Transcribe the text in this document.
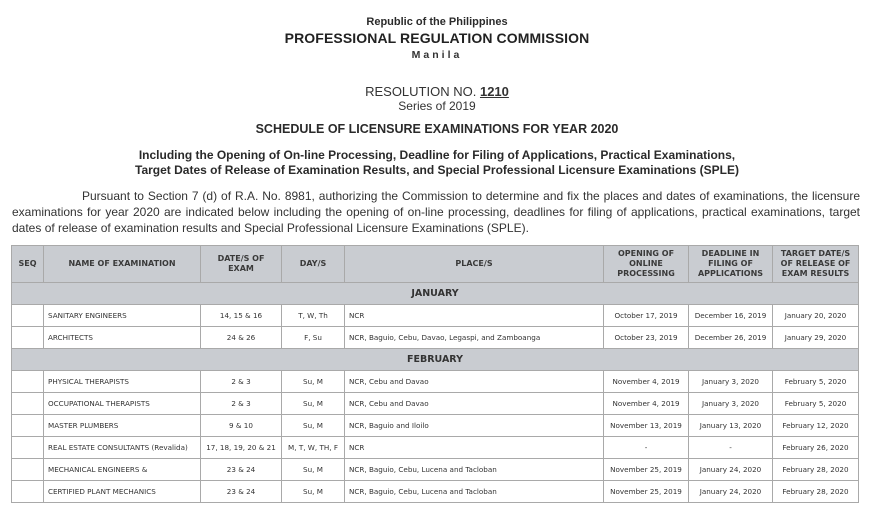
Republic of the Philippines
PROFESSIONAL REGULATION COMMISSION
Manila
RESOLUTION NO. 1210
Series of 2019
SCHEDULE OF LICENSURE EXAMINATIONS FOR YEAR 2020
Including the Opening of On-line Processing, Deadline for Filing of Applications, Practical Examinations,
Target Dates of Release of Examination Results, and Special Professional Licensure Examinations (SPLE)
Pursuant to Section 7 (d) of R.A. No. 8981, authorizing the Commission to determine and fix the places and dates of examinations, the licensure examinations for year 2020 are indicated below including the opening of on-line processing, deadlines for filing of applications, practical examinations, target dates of release of examination results and Special Professional Licensure Examinations (SPLE).
SEQ	NAME OF EXAMINATION	DATE/S OF EXAM	DAY/S	PLACE/S	OPENING OF ONLINE PROCESSING	DEADLINE IN FILING OF APPLICATIONS	TARGET DATE/S OF RELEASE OF EXAM RESULTS
JANUARY							
	SANITARY ENGINEERS	14, 15 & 16	T, W, Th	NCR	October 17, 2019	December 16, 2019	January 20, 2020
	ARCHITECTS	24 & 26	F, Su	NCR, Baguio, Cebu, Davao, Legaspi, and Zamboanga	October 23, 2019	December 26, 2019	January 29, 2020
FEBRUARY							
	PHYSICAL THERAPISTS	2 & 3	Su, M	NCR, Cebu and Davao	November 4, 2019	January 3, 2020	February 5, 2020
	OCCUPATIONAL THERAPISTS	2 & 3	Su, M	NCR, Cebu and Davao	November 4, 2019	January 3, 2020	February 5, 2020
	MASTER PLUMBERS	9 & 10	Su, M	NCR, Baguio and Iloilo	November 13, 2019	January 13, 2020	February 12, 2020
	REAL ESTATE CONSULTANTS (Revalida)	17, 18, 19, 20 & 21	M, T, W, TH, F	NCR	-	-	February 26, 2020
	MECHANICAL ENGINEERS &	23 & 24	Su, M	NCR, Baguio, Cebu, Lucena and Tacloban	November 25, 2019	January 24, 2020	February 28, 2020
	CERTIFIED PLANT MECHANICS	23 & 24	Su, M	NCR, Baguio, Cebu, Lucena and Tacloban	November 25, 2019	January 24, 2020	February 28, 2020
